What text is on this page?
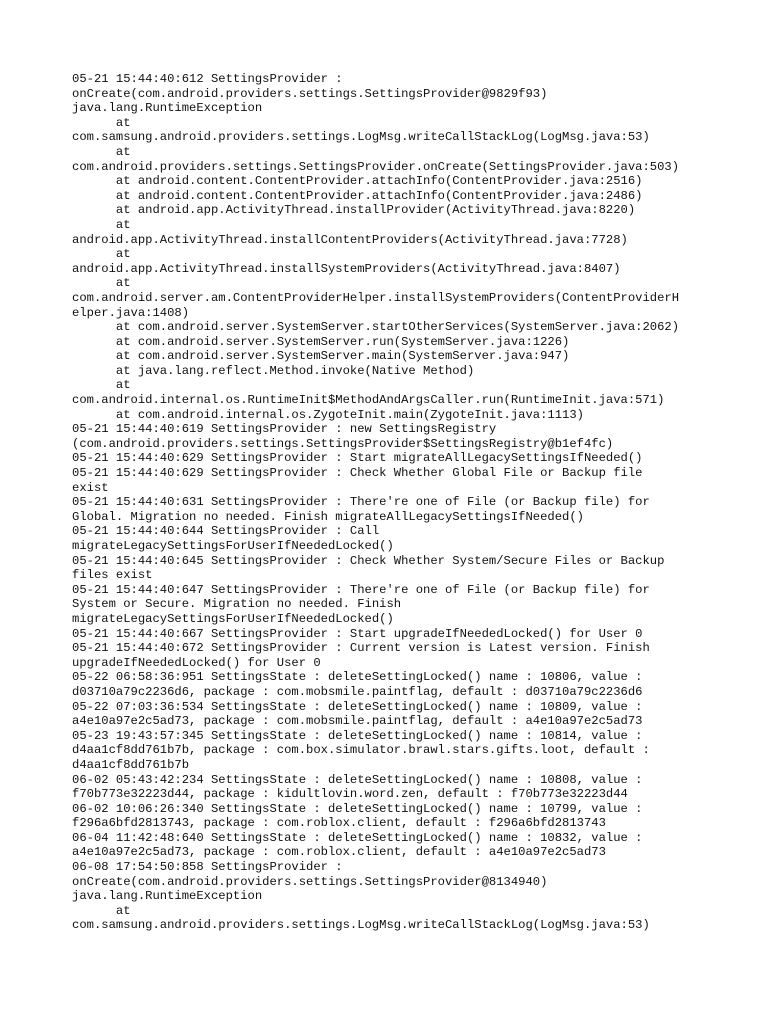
05-21 15:44:40:612 SettingsProvider :
onCreate(com.android.providers.settings.SettingsProvider@9829f93)
java.lang.RuntimeException
at
com.samsung.android.providers.settings.LogMsg.writeCallStackLog(LogMsg.java:53)
at
com.android.providers.settings.SettingsProvider.onCreate(SettingsProvider.java:503)
at android.content.ContentProvider.attachInfo(ContentProvider.java:2516)
at android.content.ContentProvider.attachInfo(ContentProvider.java:2486)
at android.app.ActivityThread.installProvider(ActivityThread.java:8220)
at
android.app.ActivityThread.installContentProviders(ActivityThread.java:7728)
at
android.app.ActivityThread.installSystemProviders(ActivityThread.java:8407)
at
com.android.server.am.ContentProviderHelper.installSystemProviders(ContentProviderH
elper.java:1408)
at com.android.server.SystemServer.startOtherServices(SystemServer.java:2062)
at com.android.server.SystemServer.run(SystemServer.java:1226)
at com.android.server.SystemServer.main(SystemServer.java:947)
at java.lang.reflect.Method.invoke(Native Method)
at
com.android.internal.os.RuntimeInit$MethodAndArgsCaller.run(RuntimeInit.java:571)
at com.android.internal.os.ZygoteInit.main(ZygoteInit.java:1113)
05-21 15:44:40:619 SettingsProvider : new SettingsRegistry
(com.android.providers.settings.SettingsProvider$SettingsRegistry@b1ef4fc)
05-21 15:44:40:629 SettingsProvider : Start migrateAllLegacySettingsIfNeeded()
05-21 15:44:40:629 SettingsProvider : Check Whether Global File or Backup file
exist
05-21 15:44:40:631 SettingsProvider : There're one of File (or Backup file) for
Global. Migration no needed. Finish migrateAllLegacySettingsIfNeeded()
05-21 15:44:40:644 SettingsProvider : Call
migrateLegacySettingsForUserIfNeededLocked()
05-21 15:44:40:645 SettingsProvider : Check Whether System/Secure Files or Backup
files exist
05-21 15:44:40:647 SettingsProvider : There're one of File (or Backup file) for
System or Secure. Migration no needed. Finish
migrateLegacySettingsForUserIfNeededLocked()
05-21 15:44:40:667 SettingsProvider : Start upgradeIfNeededLocked() for User 0
05-21 15:44:40:672 SettingsProvider : Current version is Latest version. Finish
upgradeIfNeededLocked() for User 0
05-22 06:58:36:951 SettingsState : deleteSettingLocked() name : 10806, value :
d03710a79c2236d6, package : com.mobsmile.paintflag, default : d03710a79c2236d6
05-22 07:03:36:534 SettingsState : deleteSettingLocked() name : 10809, value :
a4e10a97e2c5ad73, package : com.mobsmile.paintflag, default : a4e10a97e2c5ad73
05-23 19:43:57:345 SettingsState : deleteSettingLocked() name : 10814, value :
d4aa1cf8dd761b7b, package : com.box.simulator.brawl.stars.gifts.loot, default :
d4aa1cf8dd761b7b
06-02 05:43:42:234 SettingsState : deleteSettingLocked() name : 10808, value :
f70b773e32223d44, package : kidultlovin.word.zen, default : f70b773e32223d44
06-02 10:06:26:340 SettingsState : deleteSettingLocked() name : 10799, value :
f296a6bfd2813743, package : com.roblox.client, default : f296a6bfd2813743
06-04 11:42:48:640 SettingsState : deleteSettingLocked() name : 10832, value :
a4e10a97e2c5ad73, package : com.roblox.client, default : a4e10a97e2c5ad73
06-08 17:54:50:858 SettingsProvider :
onCreate(com.android.providers.settings.SettingsProvider@8134940)
java.lang.RuntimeException
at
com.samsung.android.providers.settings.LogMsg.writeCallStackLog(LogMsg.java:53)
